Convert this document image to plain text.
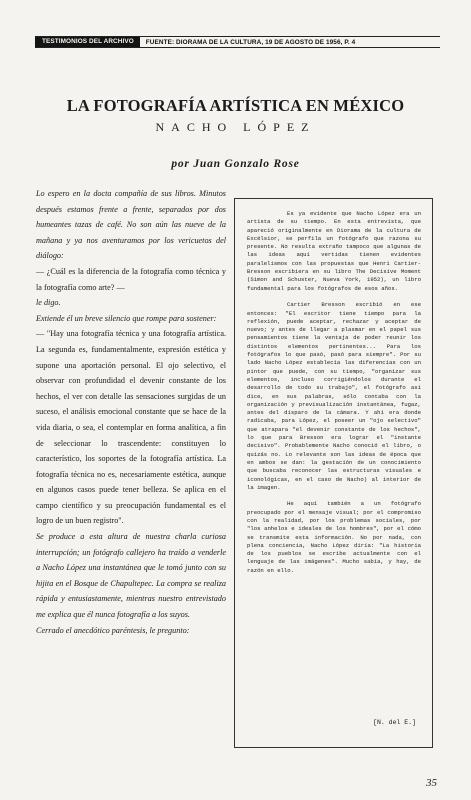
TESTIMONIOS DEL ARCHIVO	FUENTE: DIORAMA DE LA CULTURA, 19 DE AGOSTO DE 1956, P. 4
LA FOTOGRAFÍA ARTÍSTICA EN MÉXICO
NACHO LÓPEZ
por Juan Gonzalo Rose

Lo espero en la docta compañía de sus libros. Minutos después estamos frente a frente, separados por dos humeantes tazas de café. No son aún las nueve de la mañana y ya nos aventuramos por los vericuetos del diálogo:

— ¿Cuál es la diferencia de la fotografía como técnica y la fotografía como arte? —

le digo.

Extiende él un breve silencio que rompe para sostener:

— "Hay una fotografía técnica y una fotografía artística. La segunda es, fundamentalmente, expresión estética y supone una aportación personal. El ojo selectivo, el observar con profundidad el devenir constante de los hechos, el ver con detalle las sensaciones surgidas de un suceso, el análisis emocional constante que se hace de la vida diaria, o sea, el contemplar en forma analítica, a fin de seleccionar lo trascendente: constituyen lo característico, los soportes de la fotografía artística. La fotografía técnica no es, necesariamente estética, aunque en algunos casos puede tener belleza. Se aplica en el campo científico y su preocupación fundamental es el logro de un buen registro".

Se produce a esta altura de nuestra charla curiosa interrupción; un fotógrafo callejero ha traído a venderle a Nacho López una instantánea que le tomó junto con su hijita en el Bosque de Chapultepec. La compra se realiza rápida y entusiastamente, mientras nuestro entrevistado me explica que él nunca fotografía a los suyos.

Cerrado el anecdótico paréntesis, le pregunto:

Es ya evidente que Nacho López era un artista de su tiempo. En esta entrevista, que apareció originalmente en Diorama de la cultura de Excélsior, se perfila un fotógrafo que razona su presente. No resulta extraño tampoco que algunas de las ideas aquí vertidas tienen evidentes paralelismos con las propuestas que Henri Cartier-Bresson escribiera en su libro The Decisive Moment (Simon and Schuster, Nueva York, 1952), un libro fundamental para los fotógrafos de esos años.

Cartier Bresson escribió en ese entonces: "El escritor tiene tiempo para la reflexión, puede aceptar, rechazar y aceptar de nuevo; y antes de llegar a plasmar en el papel sus pensamientos tiene la ventaja de poder reunir los distintos elementos pertinentes... Para los fotógrafos lo que pasó, pasó para siempre". Por su lado Nacho López establecía las diferencias con un pintor que puede, con su tiempo, "organizar sus elementos, incluso corrigiéndolos durante el desarrollo de todo su trabajo", el fotógrafo así dice, en sus palabras, sólo contaba con la organización y previsualización instantánea, fugaz, antes del disparo de la cámara. Y ahí era donde radicaba, para López, el poseer un "ojo selectivo" que atrapara "el devenir constante de los hechos", lo que para Bresson era lograr el "instante decisivo". Probablemente Nacho conoció el libro, o quizás no. Lo relevante son las ideas de época que en ambos se dan: la gestación de un conocimiento que buscaba reconocer las estructuras visuales e iconológicas, en el caso de Nacho) al interior de la imagen.

He aquí también a un fotógrafo preocupado por el mensaje visual; por el compromiso con la realidad, por los problemas sociales, por "los anhelos e ideales de los hombres", por el cómo se transmite esta información. No por nada, con plena conciencia, Nacho López diría: "La historia de los pueblos se escribe actualmente con el lenguaje de las imágenes". Mucho sabía, y hay, de razón en ello.

[N. del E.]
35
